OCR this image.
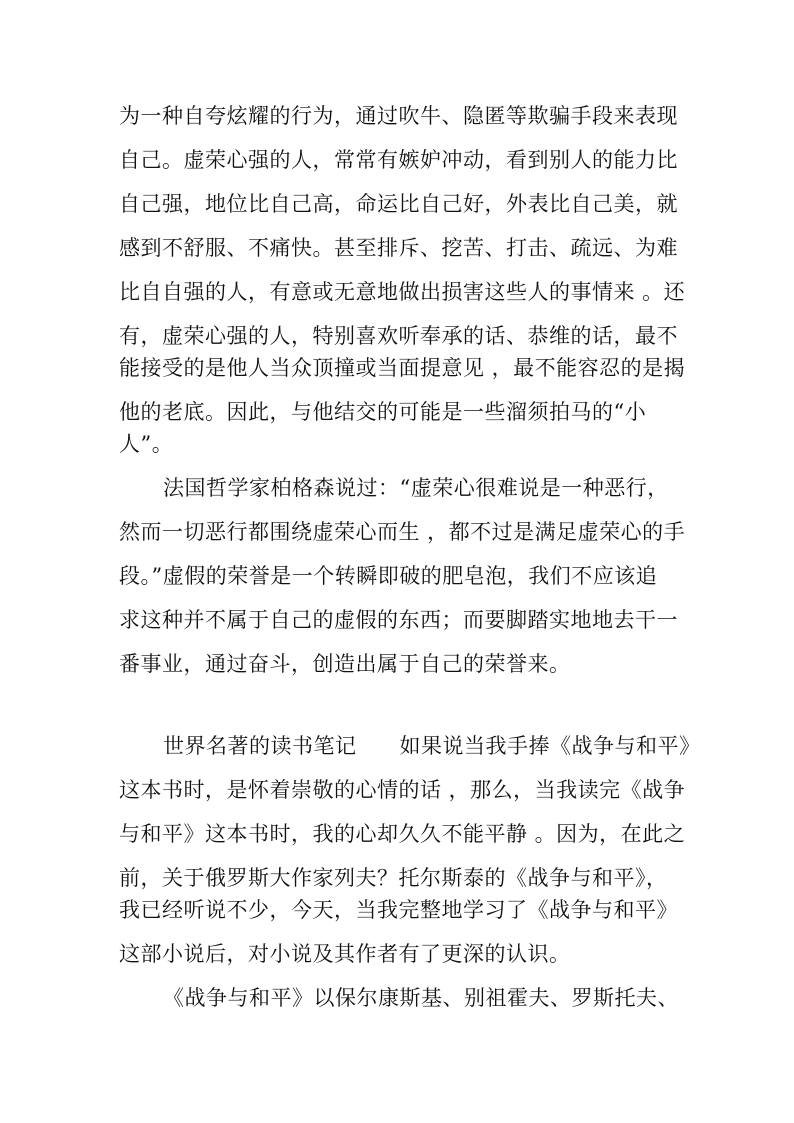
为一种自夸炫耀的行为，通过吹牛、隐匿等欺骗手段来表现
自己。虚荣心强的人，常常有嫉妒冲动，看到别人的能力比
自己强，地位比自己高，命运比自己好，外表比自己美，就
感到不舒服、不痛快。甚至排斥、挖苦、打击、疏远、为难
比自自强的人，有意或无意地做出损害这些人的事情来 。还
有，虚荣心强的人，特别喜欢听奉承的话、恭维的话，最不
能接受的是他人当众顶撞或当面提意见 ，最不能容忍的是揭
他的老底。因此，与他结交的可能是一些溜须拍马的“小
人”。
法国哲学家柏格森说过：“虚荣心很难说是一种恶行，
然而一切恶行都围绕虚荣心而生 ，都不过是满足虚荣心的手
段。”虚假的荣誉是一个转瞬即破的肥皂泡，我们不应该追
求这种并不属于自己的虚假的东西；而要脚踏实地地去干一
番事业，通过奋斗，创造出属于自己的荣誉来。
世界名著的读书笔记　　如果说当我手捧《战争与和平》
这本书时，是怀着崇敬的心情的话 ，那么，当我读完《战争
与和平》这本书时，我的心却久久不能平静 。因为，在此之
前，关于俄罗斯大作家列夫？托尔斯泰的《战争与和平》，
我已经听说不少，今天，当我完整地学习了《战争与和平》
这部小说后，对小说及其作者有了更深的认识。
《战争与和平》以保尔康斯基、别祖霍夫、罗斯托夫、
